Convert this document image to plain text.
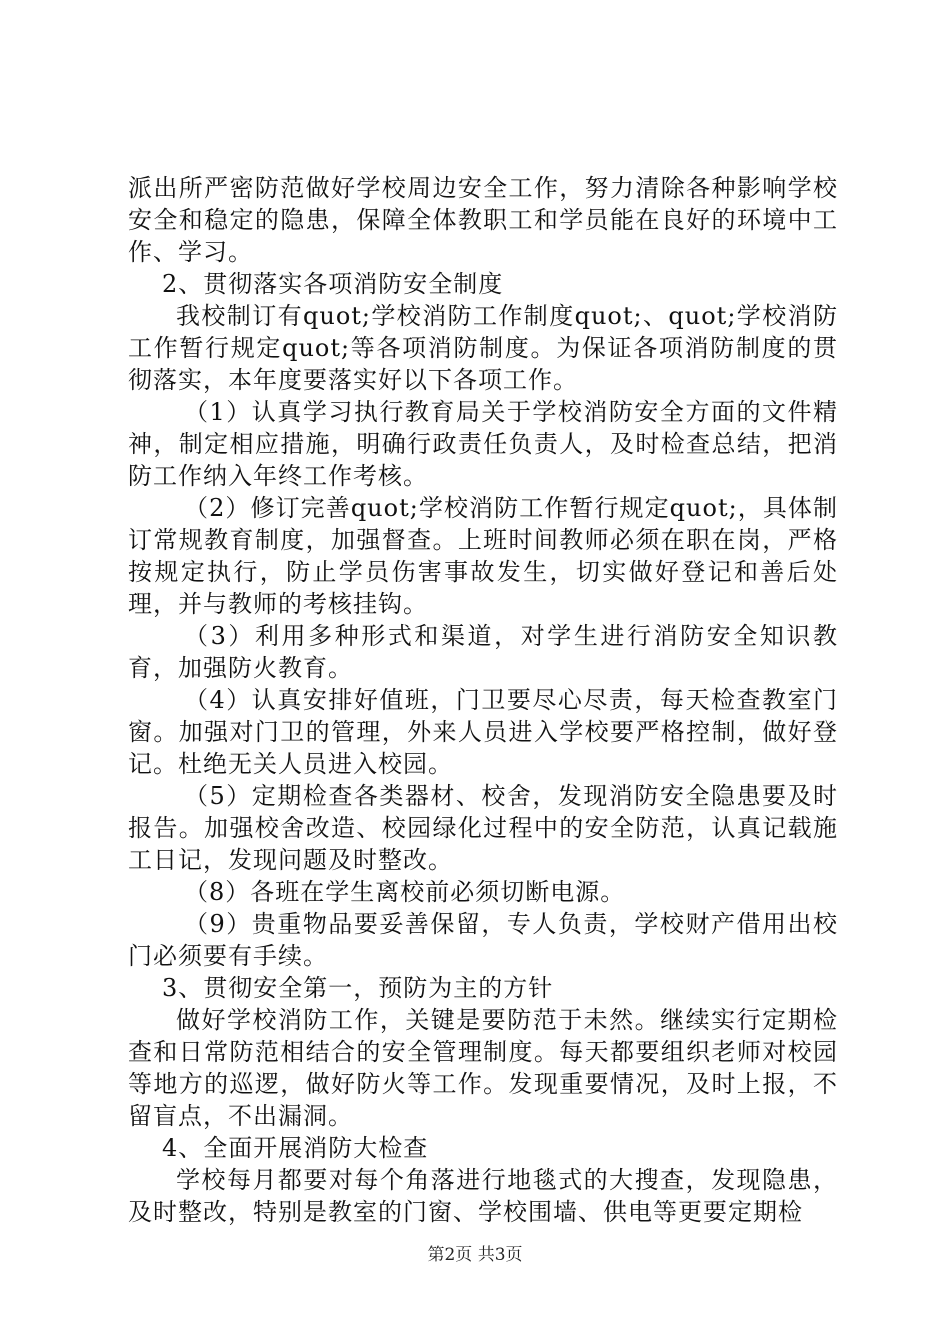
派出所严密防范做好学校周边安全工作，努力清除各种影响学校安全和稳定的隐患，保障全体教职工和学员能在良好的环境中工作、学习。

2、贯彻落实各项消防安全制度

我校制订有quot;学校消防工作制度quot;、quot;学校消防工作暂行规定quot;等各项消防制度。为保证各项消防制度的贯彻落实，本年度要落实好以下各项工作。

（1）认真学习执行教育局关于学校消防安全方面的文件精神，制定相应措施，明确行政责任负责人，及时检查总结，把消防工作纳入年终工作考核。

（2）修订完善quot;学校消防工作暂行规定quot;，具体制订常规教育制度，加强督查。上班时间教师必须在职在岗，严格按规定执行，防止学员伤害事故发生，切实做好登记和善后处理，并与教师的考核挂钩。

（3）利用多种形式和渠道，对学生进行消防安全知识教育，加强防火教育。

（4）认真安排好值班，门卫要尽心尽责，每天检查教室门窗。加强对门卫的管理，外来人员进入学校要严格控制，做好登记。杜绝无关人员进入校园。

（5）定期检查各类器材、校舍，发现消防安全隐患要及时报告。加强校舍改造、校园绿化过程中的安全防范，认真记载施工日记，发现问题及时整改。

（8）各班在学生离校前必须切断电源。

（9）贵重物品要妥善保留，专人负责，学校财产借用出校门必须要有手续。

3、贯彻安全第一，预防为主的方针

做好学校消防工作，关键是要防范于未然。继续实行定期检查和日常防范相结合的安全管理制度。每天都要组织老师对校园等地方的巡逻，做好防火等工作。发现重要情况，及时上报，不留盲点，不出漏洞。

4、全面开展消防大检查

学校每月都要对每个角落进行地毯式的大搜查，发现隐患，及时整改，特别是教室的门窗、学校围墙、供电等更要定期检

第2页 共3页
